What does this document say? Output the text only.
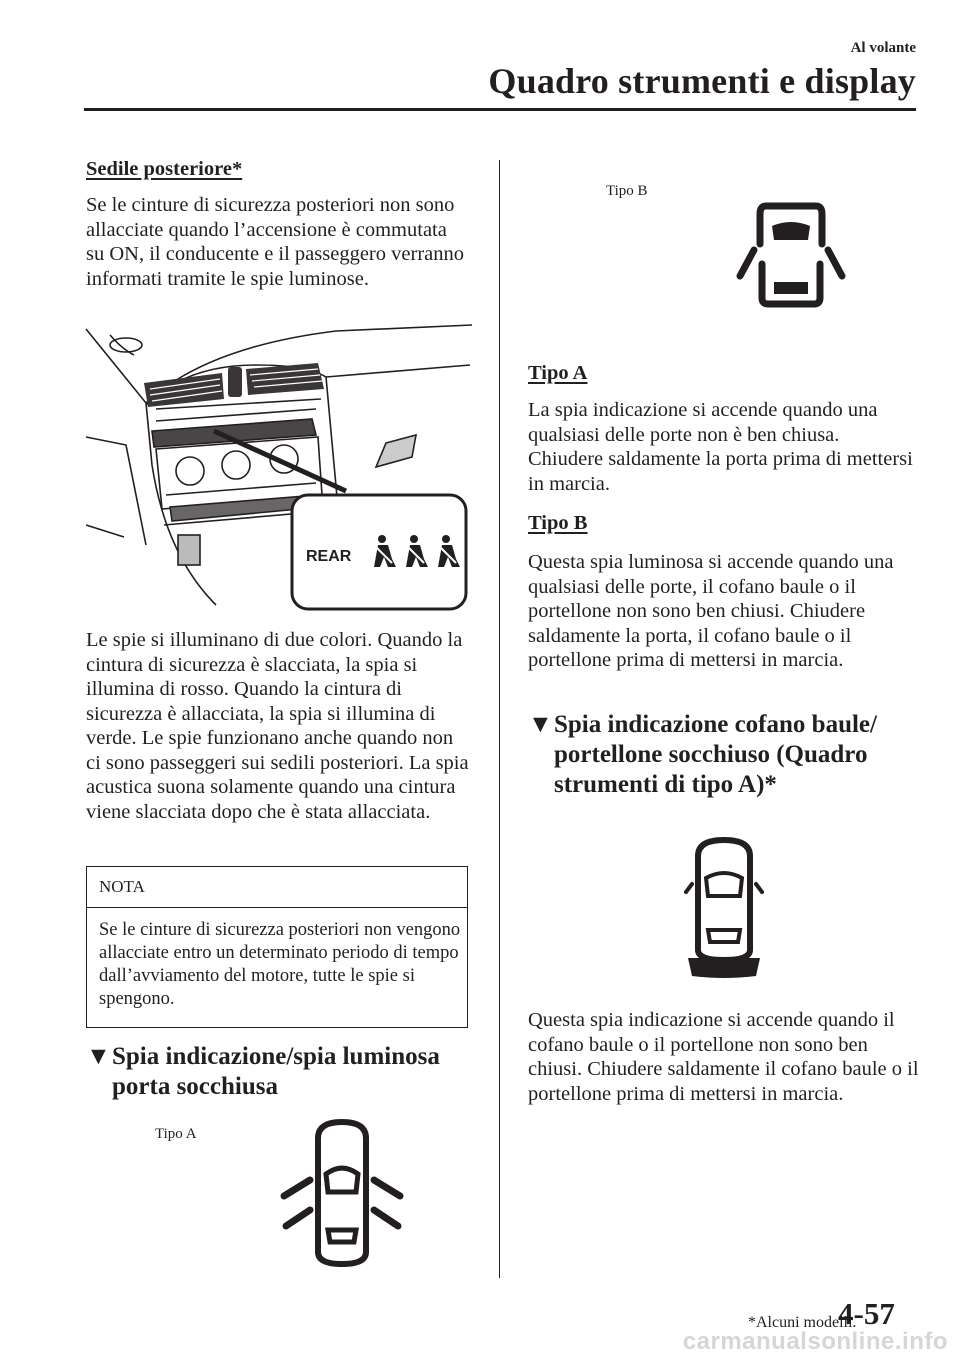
Al volante
Quadro strumenti e display
Sedile posteriore*

Se le cinture di sicurezza posteriori non sono allacciate quando l’accensione è commutata su ON, il conducente e il passeggero verranno informati tramite le spie luminose.

REAR

Le spie si illuminano di due colori. Quando la cintura di sicurezza è slacciata, la spia si illumina di rosso. Quando la cintura di sicurezza è allacciata, la spia si illumina di verde. Le spie funzionano anche quando non ci sono passeggeri sui sedili posteriori. La spia acustica suona solamente quando una cintura viene slacciata dopo che è stata allacciata.

NOTA
Se le cinture di sicurezza posteriori non vengono allacciate entro un determinato periodo di tempo dall’avviamento del motore, tutte le spie si spengono.
▼ Spia indicazione/spia luminosa
porta socchiusa
Tipo A
Tipo B
Tipo A

La spia indicazione si accende quando una qualsiasi delle porte non è ben chiusa. Chiudere saldamente la porta prima di mettersi in marcia.

Tipo B

Questa spia luminosa si accende quando una qualsiasi delle porte, il cofano baule o il portellone non sono ben chiusi. Chiudere saldamente la porta, il cofano baule o il portellone prima di mettersi in marcia.

▼ Spia indicazione cofano baule/
portellone socchiuso (Quadro
strumenti di tipo A)*

Questa spia indicazione si accende quando il cofano baule o il portellone non sono ben chiusi. Chiudere saldamente il cofano baule o il portellone prima di mettersi in marcia.

*Alcuni modelli.
4-57
carmanualsonline.info
